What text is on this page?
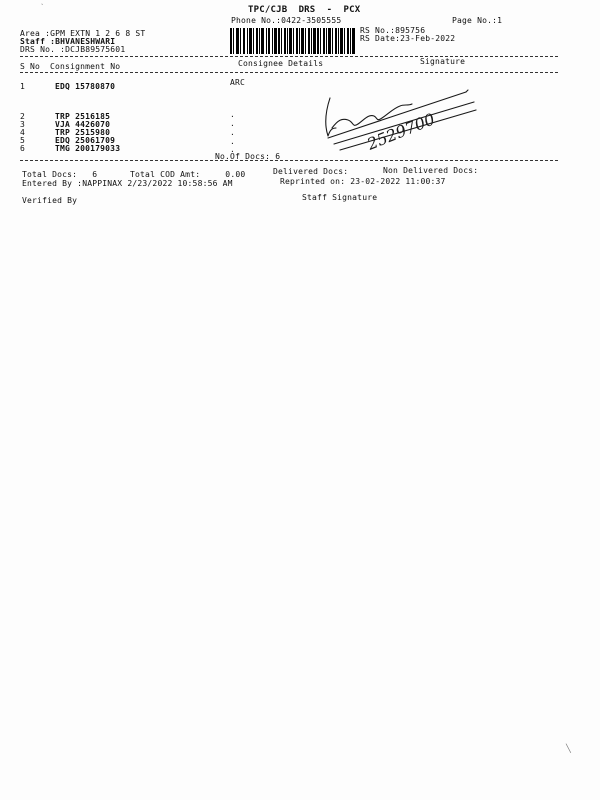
TPC/CJB  DRS  -  PCX
Phone No.:0422-3505555	Page No.:1
RS No.:895756
RS Date:23-Feb-2022
Area :GPM EXTN 1 2 6 8 ST
Staff :BHVANESHWARI
DRS No. :DCJB89575601
S No Consignment No	Consignee Details	Signature
1	EDQ 15780870	ARC
2	TRP 2516185	.
3	VJA 4426070	.
4	TRP 2515980	.
5	EDQ 25061709	.
6	TMG 200179033	.
No.Of Docs: 6
2529700
Total Docs:   6	Total COD Amt:     0.00	Delivered Docs:	Non Delivered Docs:
Entered By :NAPPINAX 2/23/2022 10:58:56 AM	Reprinted on: 23-02-2022 11:00:37
Verified By	Staff Signature
ˋ
╲
